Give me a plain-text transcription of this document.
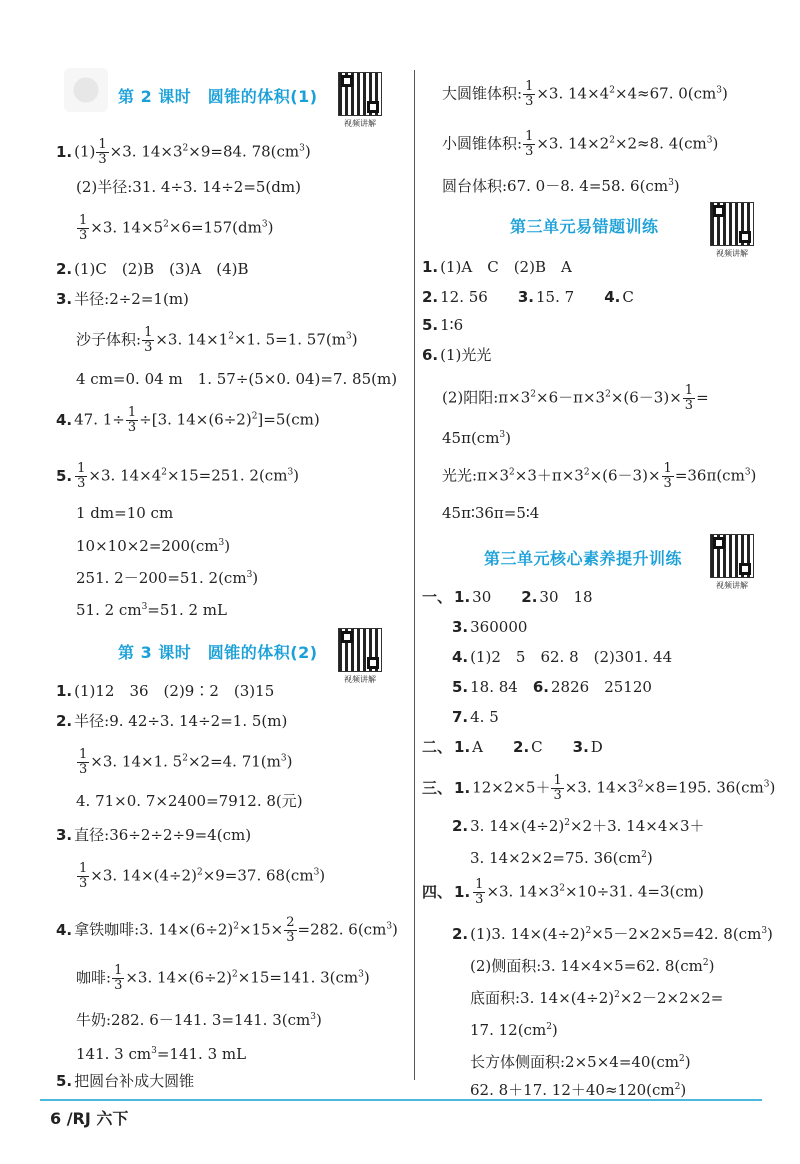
第 2 课时　圆锥的体积(1)
视频讲解
1. $(1) \frac{1}{3} \times 3$. $14\times 3^2\times 9=84$. $78(cm^3)$
(2)半径:31. 4÷3. 14÷2=5(dm)
$\frac{1}{3} \times 3$. $14\times 5^2\times 6=157(dm^3)$
2. (1)C　(2)B　(3)A　(4)B
3. 半径:2÷2=1(m)
沙子体积: $\frac{1}{3} \times 3$. $14\times 1^2\times 1$. 5=1. $57(m^3)$
4 cm=0. 04 m　1. 57÷(5×0. 04)=7. 85(m)
4. 47. $1\div \frac{1}{3} \div[3$. $14\times(6\div 2)^2]=5(cm)$
5. $\frac{1}{3} \times 3$. $14\times 4^2\times 15=251$. $2(cm^3)$
1 dm=10 cm
$10\times 10\times 2=200(cm^3)$
251. 2－200=51. $2(cm^3)$
51. 2 $cm^3=51$. 2 mL
第 3 课时　圆锥的体积(2)
视频讲解
1. (1)12　36　(2)9∶2　(3)15
2. 半径:9. 42÷3. 14÷2=1. 5(m)
$\frac{1}{3} \times 3$. 14×1. $5^2\times 2=4$. $71(m^3)$
4. 71×0. 7×2400=7912. 8(元)
3. 直径:36÷2÷2÷9=4(cm)
$\frac{1}{3} \times 3$. $14\times(4\div 2)^2\times 9=37$. $68(cm^3)$
4. 拿铁咖啡:3. $14\times(6\div 2)^2\times 15\times \frac{2}{3} =282$. $6(cm^3)$
咖啡: $\frac{1}{3} \times 3$. $14\times(6\div 2)^2\times 15=141$. $3(cm^3)$
牛奶:282. 6－141. 3=141. $3(cm^3)$
141. 3 $cm^3=141$. 3 mL
5. 把圆台补成大圆锥
大圆锥体积: $\frac{1}{3} \times 3$. $14\times 4^2\times 4\approx 67$. $0(cm^3)$
小圆锥体积: $\frac{1}{3} \times 3$. $14\times 2^2\times 2\approx 8$. $4(cm^3)$
圆台体积:67. 0－8. 4=58. $6(cm^3)$
第三单元易错题训练
视频讲解
1. (1)A　C　(2)B　A
2. 12. 56　　 3. 15. 7　　 4. C
5. 1∶6
6. (1)光光
(2)阳阳$:\pi\times 3^2\times 6-\pi\times 3^2\times(6-3)\times \frac{1}{3}$ =
$45\pi(cm^3)$
光光$:\pi\times 3^2\times 3+\pi\times 3^2\times(6-3)\times \frac{1}{3} =36\pi(cm^3)$
45π∶36π=5∶4
第三单元核心素养提升训练
视频讲解
一、 1. 30　　 2. 30　18
3. 360000
4. (1)2　5　62. 8　(2)301. 44
5. 18. 84　 6. 2826　25120
7. 4. 5
二、 1. A　　 2. C　　 3. D
三、 1. $12\times 2\times 5+ \frac{1}{3} \times 3$. $14\times 3^2\times 8=195$. $36(cm^3)$
2. 3. $14\times(4\div 2)^2\times 2+3$. 14×4×3＋
3. 14×2×2=75. $36(cm^2)$
四、 1. $\frac{1}{3} \times 3$. $14\times 3^2\times 10\div 31$. 4=3(cm)
2. (1)3. $14\times(4\div 2)^2\times 5-2\times 2\times 5=42$. $8(cm^3)$
(2)侧面积:3. 14×4×5=62. $8(cm^2)$
底面积:3. $14\times(4\div 2)^2\times 2-2\times 2\times 2=$
17. $12(cm^2)$
长方体侧面积$:2\times 5\times 4=40(cm^2)$
62. 8＋17. $12+40\approx 120(cm^2)$
6 /RJ 六下
